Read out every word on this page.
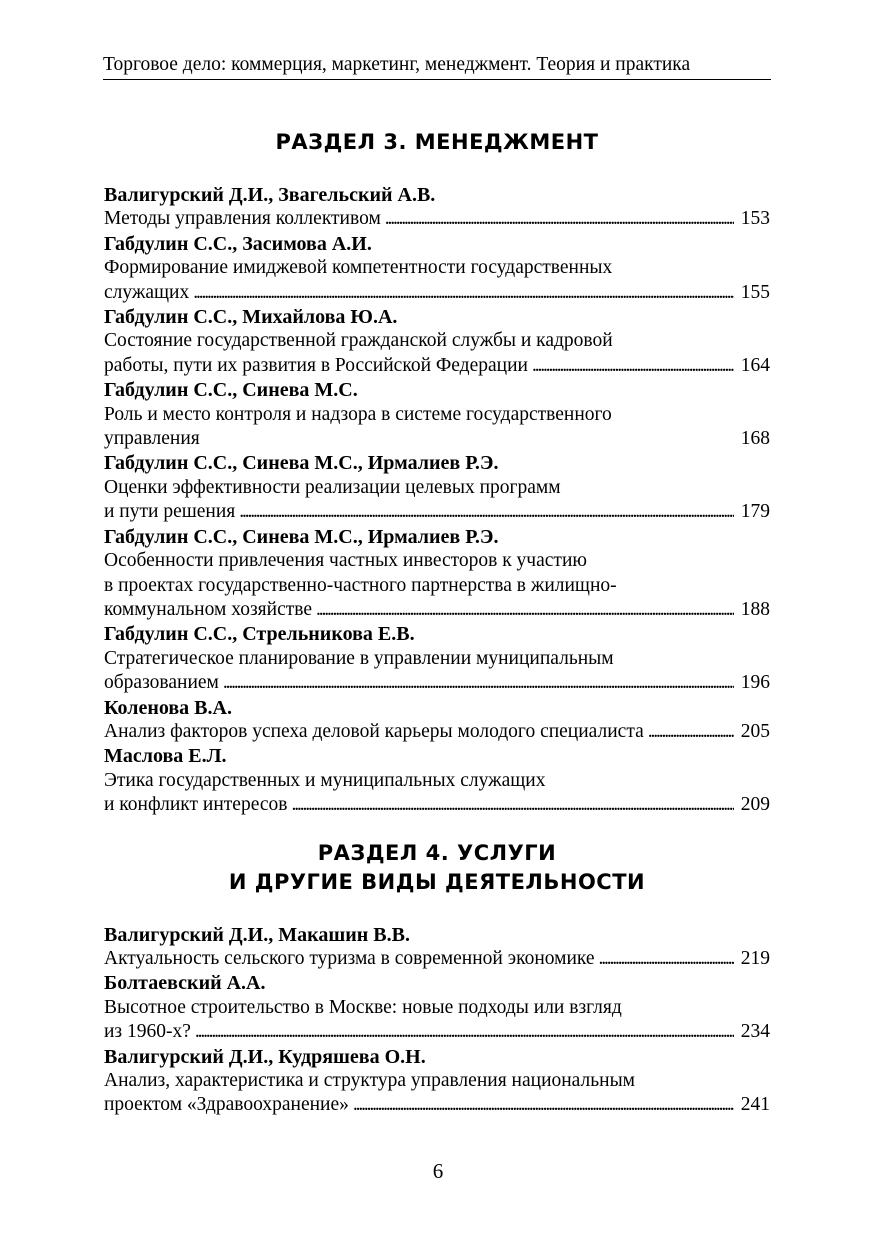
Торговое дело: коммерция, маркетинг, менеджмент. Теория и практика
РАЗДЕЛ 3. МЕНЕДЖМЕНТ
Валигурский Д.И., Звагельский А.В.
Методы управления коллективом . . .	153
Габдулин С.С., Засимова А.И.
Формирование имиджевой компетентности государственных
служащих . . .	155
Габдулин С.С., Михайлова Ю.А.
Состояние государственной гражданской службы и кадровой
работы, пути их развития в Российской Федерации . . .	164
Габдулин С.С., Синева М.С.
Роль и место контроля и надзора в системе государственного
управления	168
Габдулин С.С., Синева М.С., Ирмалиев Р.Э.
Оценки эффективности реализации целевых программ
и пути решения . . .	179
Габдулин С.С., Синева М.С., Ирмалиев Р.Э.
Особенности привлечения частных инвесторов к участию
в проектах государственно-частного партнерства в жилищно-
коммунальном хозяйстве . . .	188
Габдулин С.С., Стрельникова Е.В.
Стратегическое планирование в управлении муниципальным
образованием . . .	196
Коленова В.А.
Анализ факторов успеха деловой карьеры молодого специалиста . . .	205
Маслова Е.Л.
Этика государственных и муниципальных служащих
и конфликт интересов . . .	209
РАЗДЕЛ 4. УСЛУГИ
И ДРУГИЕ ВИДЫ ДЕЯТЕЛЬНОСТИ
Валигурский Д.И., Макашин В.В.
Актуальность сельского туризма в современной экономике . . .	219
Болтаевский А.А.
Высотное строительство в Москве: новые подходы или взгляд
из 1960-х? . . .	234
Валигурский Д.И., Кудряшева О.Н.
Анализ, характеристика и структура управления национальным
проектом «Здравоохранение» . . .	241
6
